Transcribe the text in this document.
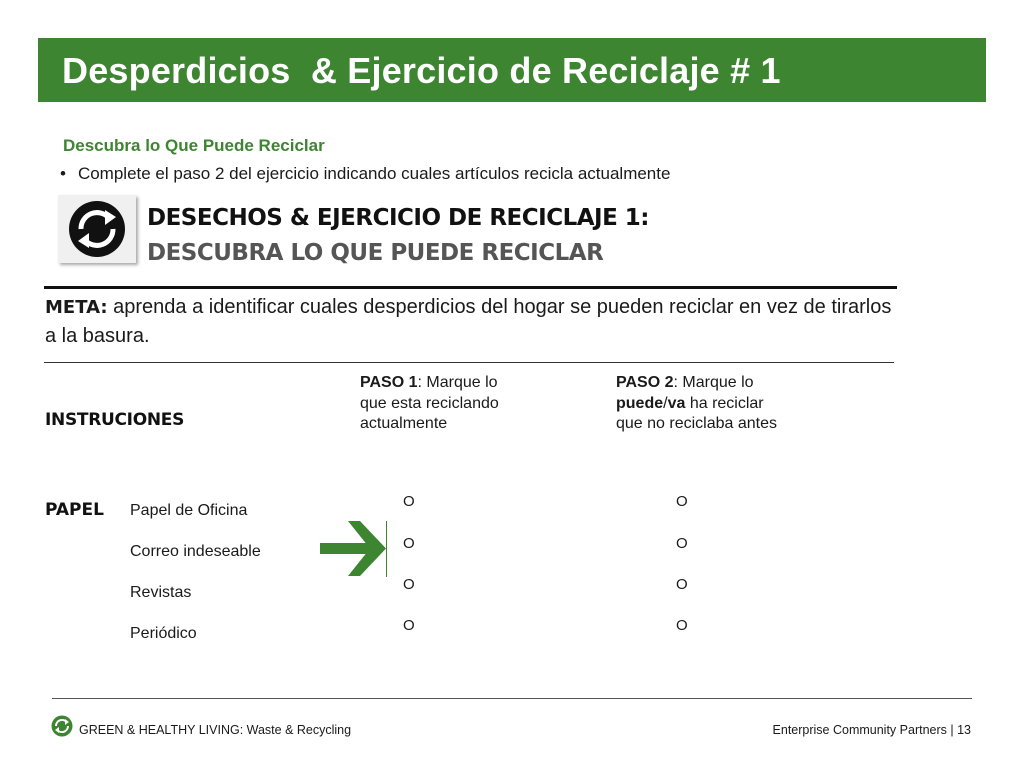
Desperdicios  & Ejercicio de Reciclaje # 1
Descubra lo Que Puede Reciclar
• Complete el paso 2 del ejercicio indicando cuales artículos recicla actualmente
DESECHOS & EJERCICIO DE RECICLAJE 1:
DESCUBRA LO QUE PUEDE RECICLAR
META: aprenda a identificar cuales desperdicios del hogar se pueden reciclar en vez de tirarlos a la basura.
INSTRUCIONES
PASO 1: Marque lo
que esta reciclando
actualmente
PASO 2: Marque lo
puede/va ha reciclar
que no reciclaba antes
PAPEL Papel de Oficina
Correo indeseable
Revistas
Periódico
O
O
O
O
O
O
O
O
GREEN & HEALTHY LIVING: Waste & Recycling	Enterprise Community Partners | 13
